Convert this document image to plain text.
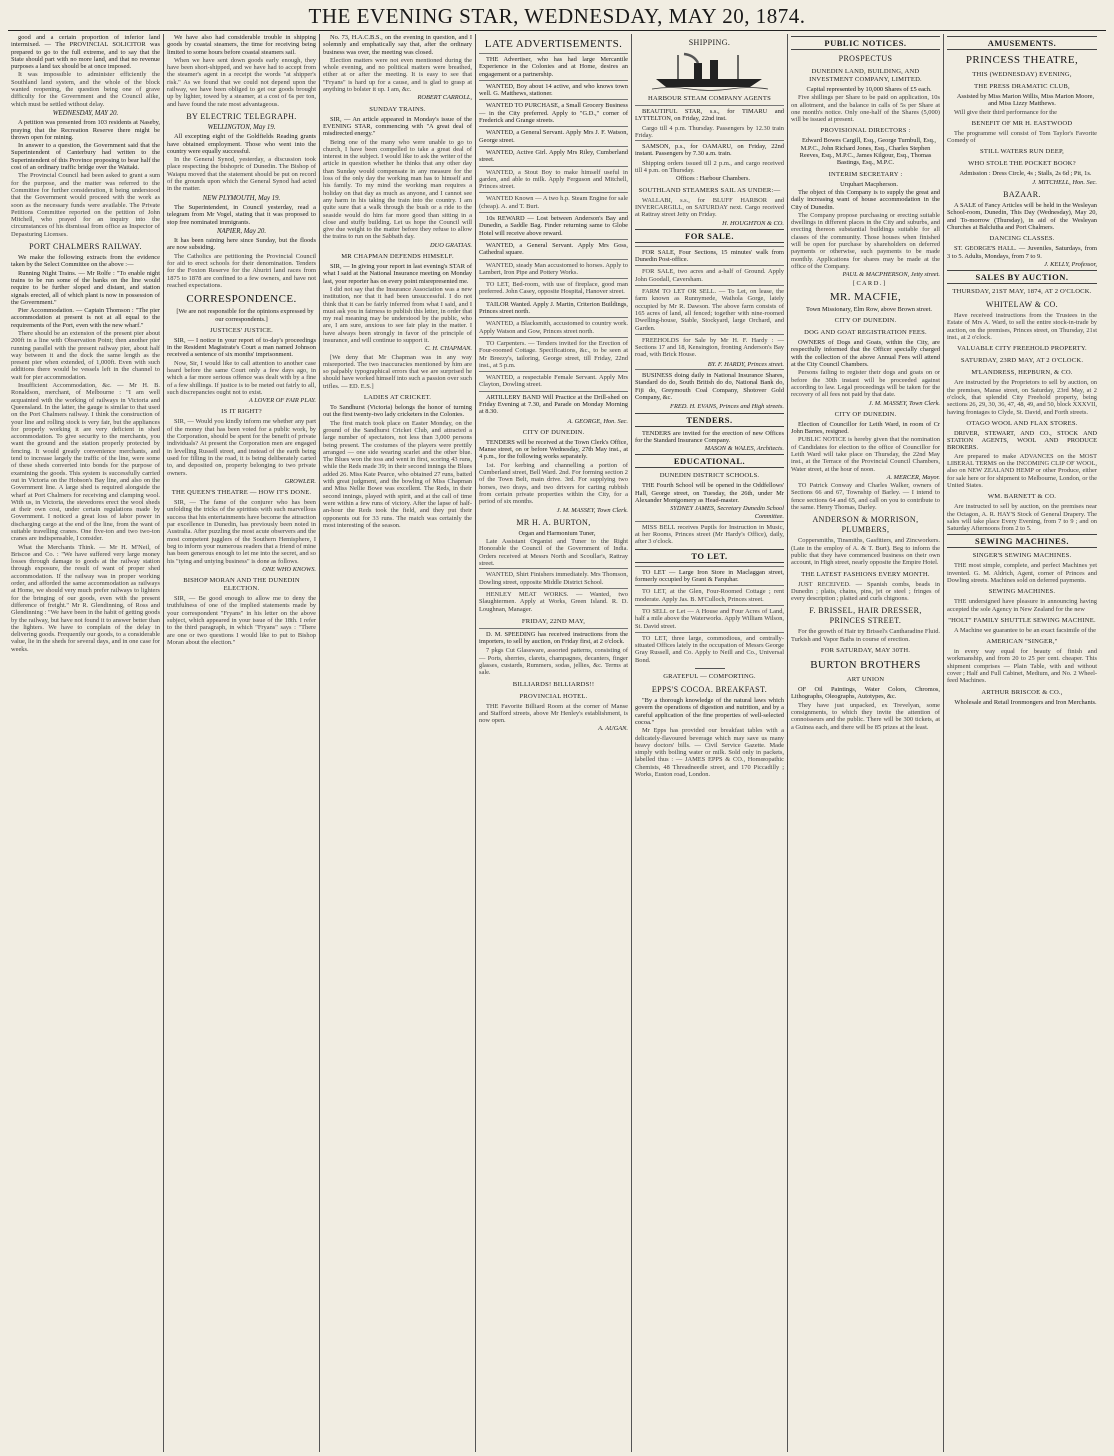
THE EVENING STAR, WEDNESDAY, MAY 20, 1874.

good and a certain proportion of inferior land intermixed. — The PROVINCIAL SOLICITOR was prepared to go to the full extreme, and to say that the State should part with no more land, and that no revenue purposes a land tax should be at once imposed.

It was impossible to administer efficiently the Southland land system, and the whole of the block wanted reopening, the question being one of grave difficulty for the Government and the Council alike, which must be settled without delay.

WEDNESDAY, MAY 20.

A petition was presented from 103 residents at Naseby, praying that the Recreation Reserve there might be thrown open for mining.

In answer to a question, the Government said that the Superintendent of Canterbury had written to the Superintendent of this Province proposing to bear half the cost of an ordinary traffic bridge over the Waitaki.

The Provincial Council had been asked to grant a sum for the purpose, and the matter was referred to the Committee for further consideration, it being understood that the Government would proceed with the work as soon as the necessary funds were available. The Private Petitions Committee reported on the petition of John Mitchell, who prayed for an inquiry into the circumstances of his dismissal from office as Inspector of Depasturing Licenses.

PORT CHALMERS RAILWAY.

We make the following extracts from the evidence taken by the Select Committee on the above :—

Running Night Trains. — Mr Rolfe : "To enable night trains to be run some of the banks on the line would require to be further sloped and distant, and station signals erected, all of which plant is now in possession of the Government."

Pier Accommodation. — Captain Thomson : "The pier accommodation at present is not at all equal to the requirements of the Port, even with the new wharf."

There should be an extension of the present pier about 200ft in a line with Observation Point; then another pier running parallel with the present railway pier, about half way between it and the dock the same length as the present pier when extended, of 1,000ft. Even with such additions there would be vessels left in the channel to wait for pier accommodation.

Insufficient Accommodation, &c. — Mr H. B. Ronaldson, merchant, of Melbourne : "I am well acquainted with the working of railways in Victoria and Queensland. In the latter, the gauge is similar to that used on the Port Chalmers railway. I think the construction of your line and rolling stock is very fair, but the appliances for properly working it are very deficient in shed accommodation. To give security to the merchants, you want the ground and the station properly protected by fencing. It would greatly convenience merchants, and tend to increase largely the traffic of the line, were some of these sheds converted into bonds for the purpose of examining the goods. This system is successfully carried out in Victoria on the Hobson's Bay line, and also on the Government line. A large shed is required alongside the wharf at Port Chalmers for receiving and clamping wool. With us, in Victoria, the stevedores erect the wool sheds at their own cost, under certain regulations made by Government. I noticed a great loss of labor power in discharging cargo at the end of the line, from the want of suitable travelling cranes. One five-ton and two two-ton cranes are indispensable, I consider.

What the Merchants Think. — Mr H. M'Neil, of Briscoe and Co. : "We have suffered very large money losses through damage to goods at the railway station through exposure, the result of want of proper shed accommodation. If the railway was in proper working order, and afforded the same accommodation as railways at Home, we should very much prefer railways to lighters for the bringing of our goods, even with the present difference of freight." Mr R. Glendinning, of Ross and Glendinning : "We have been in the habit of getting goods by the railway, but have not found it to answer better than the lighters. We have to complain of the delay in delivering goods. Frequently our goods, to a considerable value, lie in the sheds for several days, and in one case for weeks.

We have also had considerable trouble in shipping goods by coastal steamers, the time for receiving being limited to some hours before coastal steamers sail.

When we have sent down goods early enough, they have been short-shipped, and we have had to accept from the steamer's agent in a receipt the words "at shipper's risk." As we found that we could not depend upon the railway, we have been obliged to get our goods brought up by lighter, towed by a steamer, at a cost of 6s per ton, and have found the rate most advantageous.

BY ELECTRIC TELEGRAPH.
WELLINGTON, May 19.

All excepting eight of the Goldfields Reading grants have obtained employment. Those who went into the country were equally successful.

In the General Synod, yesterday, a discussion took place respecting the bishopric of Dunedin. The Bishop of Waiapu moved that the statement should be put on record of the grounds upon which the General Synod had acted in the matter.

NEW PLYMOUTH, May 19.

The Superintendent, in Council yesterday, read a telegram from Mr Vogel, stating that it was proposed to stop free nominated immigrants.

NAPIER, May 20.

It has been raining here since Sunday, but the floods are now subsiding.

The Catholics are petitioning the Provincial Council for aid to erect schools for their denomination. Tenders for the Foxton Reserve for the Ahuriri land races from 1875 to 1878 are confined to a few owners, and have not reached expectations.

CORRESPONDENCE.

[We are not responsible for the opinions expressed by our correspondents.]

JUSTICES' JUSTICE.

SIR, — I notice in your report of to-day's proceedings in the Resident Magistrate's Court a man named Johnson received a sentence of six months' imprisonment.

Now, Sir, I would like to call attention to another case heard before the same Court only a few days ago, in which a far more serious offence was dealt with by a fine of a few shillings. If justice is to be meted out fairly to all, such discrepancies ought not to exist.

A LOVER OF FAIR PLAY.

IS IT RIGHT?

SIR, — Would you kindly inform me whether any part of the money that has been voted for a public work, by the Corporation, should be spent for the benefit of private individuals? At present the Corporation men are engaged in levelling Russell street, and instead of the earth being used for filling in the road, it is being deliberately carted to, and deposited on, property belonging to two private owners.

GROWLER.

THE QUEEN'S THEATRE — HOW IT'S DONE.

SIR, — The fame of the conjurer who has been unfolding the tricks of the spiritists with such marvellous success that his entertainments have become the attraction par excellence in Dunedin, has previously been noted in Australia. After puzzling the most acute observers and the most competent jugglers of the Southern Hemisphere, I beg to inform your numerous readers that a friend of mine has been generous enough to let me into the secret, and so his "tying and untying business" is done as follows.

ONE WHO KNOWS.

BISHOP MORAN AND THE DUNEDIN ELECTION.

SIR, — Be good enough to allow me to deny the truthfulness of one of the implied statements made by your correspondent "Fryans" in his letter on the above subject, which appeared in your issue of the 18th. I refer to the third paragraph, in which "Fryans" says : "There are one or two questions I would like to put to Bishop Moran about the election."

No. 73, H.A.C.B.S., on the evening in question, and I solemnly and emphatically say that, after the ordinary business was over, the meeting was closed.

Election matters were not even mentioned during the whole evening, and no political matters were breathed, either at or after the meeting. It is easy to see that "Fryans" is hard up for a cause, and is glad to grasp at anything to bolster it up. I am, &c.

ROBERT CARROLL,

SUNDAY TRAINS.

SIR, — An article appeared in Monday's issue of the EVENING STAR, commencing with "A great deal of misdirected energy."

Being one of the many who were unable to go to church, I have been compelled to take a great deal of interest in the subject. I would like to ask the writer of the article in question whether he thinks that any other day than Sunday would compensate in any measure for the loss of the only day the working man has to himself and his family. To my mind the working man requires a holiday on that day as much as anyone, and I cannot see any harm in his taking the train into the country. I am quite sure that a walk through the bush or a ride to the seaside would do him far more good than sitting in a close and stuffy building. Let us hope the Council will give due weight to the matter before they refuse to allow the trains to run on the Sabbath day.

DUO GRATIAS.

MR CHAPMAN DEFENDS HIMSELF.

SIR, — In giving your report in last evening's STAR of what I said at the National Insurance meeting on Monday last, your reporter has on every point misrepresented me.

I did not say that the Insurance Association was a new institution, nor that it had been unsuccessful. I do not think that it can be fairly inferred from what I said, and I must ask you in fairness to publish this letter, in order that my real meaning may be understood by the public, who are, I am sure, anxious to see fair play in the matter. I have always been strongly in favor of the principle of insurance, and will continue to support it.

C. H. CHAPMAN.

[We deny that Mr Chapman was in any way misreported. The two inaccuracies mentioned by him are so palpably typographical errors that we are surprised he should have worked himself into such a passion over such trifles. — ED. E.S.]

LADIES AT CRICKET.

To Sandhurst (Victoria) belongs the honor of turning out the first twenty-two lady cricketers in the Colonies.

The first match took place on Easter Monday, on the ground of the Sandhurst Cricket Club, and attracted a large number of spectators, not less than 3,000 persons being present. The costumes of the players were prettily arranged — one side wearing scarlet and the other blue. The Blues won the toss and went in first, scoring 43 runs, while the Reds made 39; in their second innings the Blues added 26. Miss Kate Pearce, who obtained 27 runs, batted with great judgment, and the bowling of Miss Chapman and Miss Nellie Bowe was excellent. The Reds, in their second innings, played with spirit, and at the call of time were within a few runs of victory. After the lapse of half-an-hour the Reds took the field, and they put their opponents out for 33 runs. The match was certainly the most interesting of the season.

LATE ADVERTISEMENTS.

THE Advertiser, who has had large Mercantile Experience in the Colonies and at Home, desires an engagement or a partnership.

WANTED, Boy about 14 active, and who knows town well. G. Matthews, stationer.

WANTED TO PURCHASE, a Small Grocery Business — in the City preferred. Apply to "G.D.," corner of Frederick and Grange streets.

WANTED, a General Servant. Apply Mrs J. F. Watson, George street.

WANTED, Active Girl. Apply Mrs Riley, Cumberland street.

WANTED, a Stout Boy to make himself useful in garden, and able to milk. Apply Ferguson and Mitchell, Princes street.

WANTED Known — A two h.p. Steam Engine for sale (cheap). A. and T. Burt.

10s REWARD — Lost between Anderson's Bay and Dunedin, a Saddle Bag. Finder returning same to Globe Hotel will receive above reward.

WANTED, a General Servant. Apply Mrs Goss, Cathedral square.

WANTED, steady Man accustomed to horses. Apply to Lambert, Iron Pipe and Pottery Works.

TO LET, Bed-room, with use of fireplace, good man preferred. John Casey, opposite Hospital, Hanover street.

TAILOR Wanted. Apply J. Martin, Criterion Buildings, Princes street north.

WANTED, a Blacksmith, accustomed to country work. Apply Watson and Gow, Princes street north.

TO Carpenters. — Tenders invited for the Erection of Four-roomed Cottage. Specifications, &c., to be seen at Mr Breezy's, tailoring, George street, till Friday, 22nd inst., at 5 p.m.

WANTED, a respectable Female Servant. Apply Mrs Clayton, Dowling street.

ARTILLERY BAND Will Practice at the Drill-shed on Friday Evening at 7.30, and Parade on Monday Morning at 8.30.

A. GEORGE, Hon. Sec.

CITY OF DUNEDIN.

TENDERS will be received at the Town Clerk's Office, Manse street, on or before Wednesday, 27th May inst., at 4 p.m., for the following works separately.

1st. For kerbing and channelling a portion of Cumberland street, Bell Ward. 2nd. For forming section 2 of the Town Belt, main drive. 3rd. For supplying two horses, two drays, and two drivers for carting rubbish from certain private properties within the City, for a period of six months.

J. M. MASSEY, Town Clerk.

MR H. A. BURTON,

Organ and Harmonium Tuner,

Late Assistant Organist and Tuner to the Right Honorable the Council of the Government of India. Orders received at Messrs North and Scoullar's, Rattray street.

WANTED, Shirt Finishers immediately. Mrs Thomson, Dowling street, opposite Middle District School.

HENLEY MEAT WORKS. — Wanted, two Slaughtermen. Apply at Works, Green Island. R. D. Loughnan, Manager.

FRIDAY, 22ND MAY,

D. M. SPEEDING has received instructions from the importers, to sell by auction, on Friday first, at 2 o'clock.

7 pkgs Cut Glassware, assorted patterns, consisting of — Ports, sherries, clarets, champagnes, decanters, finger glasses, custards, Rummers, sodas, jellies, &c. Terms at sale.

BILLIARDS! BILLIARDS!!
PROVINCIAL HOTEL.

THE Favorite Billiard Room at the corner of Manse and Stafford streets, above Mr Henley's establishment, is now open.

A. AUGAN.

SHIPPING.
HARBOUR STEAM COMPANY AGENTS

BEAUTIFUL STAR, s.s., for TIMARU and LYTTELTON, on Friday, 22nd inst.

Cargo till 4 p.m. Thursday. Passengers by 12.30 train Friday.

SAMSON, p.s., for OAMARU, on Friday, 22nd instant. Passengers by 7.30 a.m. train.

Shipping orders issued till 2 p.m., and cargo received till 4 p.m. on Thursday.

Offices : Harbour Chambers.

SOUTHLAND STEAMERS SAIL AS UNDER:—

WALLABI, s.s., for BLUFF HARBOR and INVERCARGILL, on SATURDAY next. Cargo received at Rattray street Jetty on Friday.

H. HOUGHTON & CO.

FOR SALE.

FOR SALE, Four Sections, 15 minutes' walk from Dunedin Post-office.

FOR SALE, two acres and a-half of Ground. Apply John Goodall, Caversham.

FARM TO LET OR SELL. — To Let, on lease, the farm known as Runnymede, Waihola Gorge, lately occupied by Mr R. Dawson. The above farm consists of 165 acres of land, all fenced; together with nine-roomed Dwelling-house, Stable, Stockyard, large Orchard, and Garden.

FREEHOLDS for Sale by Mr H. F. Hardy : — Sections 17 and 18, Kensington, fronting Anderson's Bay road, with Brick House.

BY. F. HARDY, Princes street.

BUSINESS doing daily in National Insurance Shares, Standard do do, South British do do, National Bank do, Fiji do, Greymouth Coal Company, Shotover Gold Company, &c.

FRED. H. EVANS, Princes and High streets.

TENDERS.

TENDERS are invited for the erection of new Offices for the Standard Insurance Company.

MASON & WALES, Architects.

EDUCATIONAL.
DUNEDIN DISTRICT SCHOOLS.

THE Fourth School will be opened in the Oddfellows' Hall, George street, on Tuesday, the 26th, under Mr Alexander Montgomery as Head-master.

SYDNEY JAMES, Secretary Dunedin School Committee.

MISS BELL receives Pupils for Instruction in Music, at her Rooms, Princes street (Mr Hardy's Office), daily, after 3 o'clock.

TO LET.

TO LET — Large Iron Store in Maclaggan street, formerly occupied by Grant & Farquhar.

TO LET, at the Glen, Four-Roomed Cottage ; rent moderate. Apply Jas. B. M'Culloch, Princes street.

TO SELL or Let — A House and Four Acres of Land, half a mile above the Waterworks. Apply William Wilson, St. David street.

TO LET, three large, commodious, and centrally-situated Offices lately in the occupation of Messrs George Gray Russell, and Co. Apply to Neill and Co., Universal Bond.

GRATEFUL — COMFORTING.
EPPS'S COCOA. BREAKFAST.

"By a thorough knowledge of the natural laws which govern the operations of digestion and nutrition, and by a careful application of the fine properties of well-selected cocoa."

Mr Epps has provided our breakfast tables with a delicately-flavoured beverage which may save us many heavy doctors' bills. — Civil Service Gazette. Made simply with boiling water or milk. Sold only in packets, labelled thus : — JAMES EPPS & CO., Homœopathic Chemists, 48 Threadneedle street, and 170 Piccadilly ; Works, Euston road, London.

PUBLIC NOTICES.
PROSPECTUS
DUNEDIN LAND, BUILDING, AND INVESTMENT COMPANY, LIMITED.

Capital represented by 10,000 Shares of £5 each.

Five shillings per Share to be paid on application, 10s on allotment, and the balance in calls of 5s per Share at one month's notice. Only one-half of the Shares (5,000) will be issued at present.

PROVISIONAL DIRECTORS :

Edward Bowes Cargill, Esq., George Turnbull, Esq., M.P.C., John Richard Jones, Esq., Charles Stephen Reeves, Esq., M.P.C., James Kilgour, Esq., Thomas Bastings, Esq., M.P.C.

INTERIM SECRETARY :

Urquhart Macpherson.

The object of this Company is to supply the great and daily increasing want of house accommodation in the City of Dunedin.

The Company propose purchasing or erecting suitable dwellings in different places in the City and suburbs, and erecting thereon substantial buildings suitable for all classes of the community. Those houses when finished will be open for purchase by shareholders on deferred payments or otherwise, such payments to be made monthly. Applications for shares may be made at the office of the Company.

PAUL & MACPHERSON, Jetty street.

[ C A R D . ]

MR. MACFIE,

Town Missionary, Elm Row, above Brown street.

CITY OF DUNEDIN.
DOG AND GOAT REGISTRATION FEES.

OWNERS of Dogs and Goats, within the City, are respectfully informed that the Officer specially charged with the collection of the above Annual Fees will attend at the City Council Chambers.

Persons failing to register their dogs and goats on or before the 30th instant will be proceeded against according to law. Legal proceedings will be taken for the recovery of all fees not paid by that date.

J. M. MASSEY, Town Clerk.

CITY OF DUNEDIN.

Election of Councillor for Leith Ward, in room of Cr John Barnes, resigned.

PUBLIC NOTICE is hereby given that the nomination of Candidates for election to the office of Councillor for Leith Ward will take place on Thursday, the 22nd May inst., at the Terrace of the Provincial Council Chambers, Water street, at the hour of noon.

A. MERCER, Mayor.

TO Patrick Conway and Charles Walker, owners of Sections 66 and 67, Township of Barley. — I intend to fence sections 64 and 65, and call on you to contribute to the same. Henry Thomas, Darley.

ANDERSON & MORRISON, PLUMBERS,

Coppersmiths, Tinsmiths, Gasfitters, and Zincworkers. (Late in the employ of A. & T. Burt). Beg to inform the public that they have commenced business on their own account, in High street, nearly opposite the Empire Hotel.

THE LATEST FASHIONS EVERY MONTH.

JUST RECEIVED. — Spanish combs, beads in Dunedin ; plaits, chains, pins, jet or steel ; fringes of every description ; plaited and curls chignons.

F. BRISSEL, HAIR DRESSER, PRINCES STREET.

For the growth of Hair try Brissel's Cantharadine Fluid. Turkish and Vapor Baths in course of erection.

FOR SATURDAY, MAY 30TH.
BURTON BROTHERS
ART UNION

OF Oil Paintings, Water Colors, Chromos, Lithographs, Oleographs, Autotypes, &c.

They have just unpacked, ex Trevelyan, some consignments, to which they invite the attention of connoisseurs and the public. There will be 300 tickets, at a Guinea each, and there will be 85 prizes at the least.

AMUSEMENTS.
PRINCESS THEATRE,
THIS (WEDNESDAY) EVENING,
THE PRESS DRAMATIC CLUB,

Assisted by Miss Marion Willis, Miss Marion Moore, and Miss Lizzy Matthews.

Will give their third performance for the

BENEFIT OF MR H. EASTWOOD

The programme will consist of Tom Taylor's Favorite Comedy of

STILL WATERS RUN DEEP,
WHO STOLE THE POCKET BOOK?

Admission : Dress Circle, 4s ; Stalls, 2s 6d ; Pit, 1s.

J. MITCHELL, Hon. Sec.

BAZAAR.

A SALE of Fancy Articles will be held in the Wesleyan School-room, Dunedin, This Day (Wednesday), May 20, and To-morrow (Thursday), in aid of the Wesleyan Churches at Balclutha and Port Chalmers.

DANCING CLASSES.

ST. GEORGE'S HALL. — Juveniles, Saturdays, from 3 to 5. Adults, Mondays, from 7 to 9.

J. KELLY, Professor,

SALES BY AUCTION.
THURSDAY, 21ST MAY, 1874, AT 2 O'CLOCK.
WHITELAW & CO.

Have received instructions from the Trustees in the Estate of Mrs A. Ward, to sell the entire stock-in-trade by auction, on the premises, Princes street, on Thursday, 21st inst., at 2 o'clock.

VALUABLE CITY FREEHOLD PROPERTY.
SATURDAY, 23RD MAY, AT 2 O'CLOCK.
M'LANDRESS, HEPBURN, & CO.

Are instructed by the Proprietors to sell by auction, on the premises, Manse street, on Saturday, 23rd May, at 2 o'clock, that splendid City Freehold property, being sections 26, 29, 30, 36, 47, 48, 49, and 50, block XXXVII, having frontages to Clyde, St. David, and Forth streets.

OTAGO WOOL AND FLAX STORES.

DRIVER, STEWART, AND CO., STOCK AND STATION AGENTS, WOOL AND PRODUCE BROKERS.

Are prepared to make ADVANCES on the MOST LIBERAL TERMS on the INCOMING CLIP OF WOOL, also on NEW ZEALAND HEMP or other Produce, either for sale here or for shipment to Melbourne, London, or the United States.

WM. BARNETT & CO.

Are instructed to sell by auction, on the premises near the Octagon, A. R. HAY'S Stock of General Drapery. The sales will take place Every Evening, from 7 to 9 ; and on Saturday Afternoons from 2 to 5.

SEWING MACHINES.
SINGER'S SEWING MACHINES.

THE most simple, complete, and perfect Machines yet invented. G. M. Aldrich, Agent, corner of Princes and Dowling streets. Machines sold on deferred payments.

SEWING MACHINES.

THE undersigned have pleasure in announcing having accepted the sole Agency in New Zealand for the new

"HOLT" FAMILY SHUTTLE SEWING MACHINE.

A Machine we guarantee to be an exact facsimile of the

AMERICAN "SINGER,"

in every way equal for beauty of finish and workmanship, and from 20 to 25 per cent. cheaper. This shipment comprises — Plain Table, with and without cover ; Half and Full Cabinet, Medium, and No. 2 Wheel-feed Machines.

ARTHUR BRISCOE & CO.,

Wholesale and Retail Ironmongers and Iron Merchants.
